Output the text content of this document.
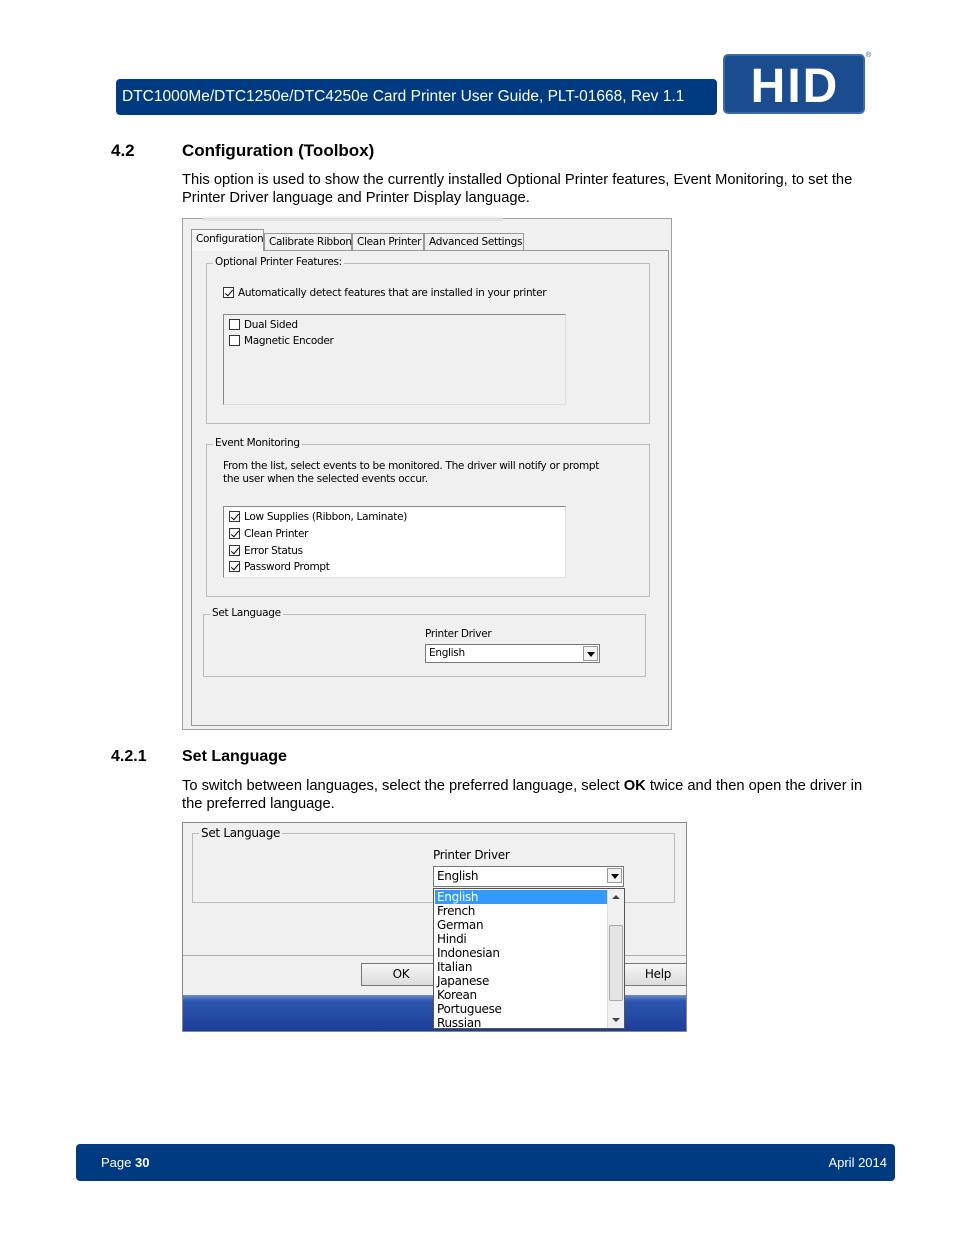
DTC1000Me/DTC1250e/DTC4250e Card Printer User Guide, PLT-01668, Rev 1.1	HID
®
4.2	Configuration (Toolbox)
This option is used to show the currently installed Optional Printer features, Event Monitoring, to set the Printer Driver language and Printer Display language.
Configuration Calibrate Ribbon Clean Printer Advanced Settings
Optional Printer Features:
Automatically detect features that are installed in your printer
Dual Sided
Magnetic Encoder
Event Monitoring
From the list, select events to be monitored. The driver will notify or prompt
the user when the selected events occur.
Low Supplies (Ribbon, Laminate)
Clean Printer
Error Status
Password Prompt
Set Language
Printer Driver
English
4.2.1 Set Language
To switch between languages, select the preferred language, select OK twice and then open the driver in the preferred language.
Set Language
Printer Driver
English
OK	Help
English
French
German
Hindi
Indonesian
Italian
Japanese
Korean
Portuguese
Russian
Page 30	April 2014
